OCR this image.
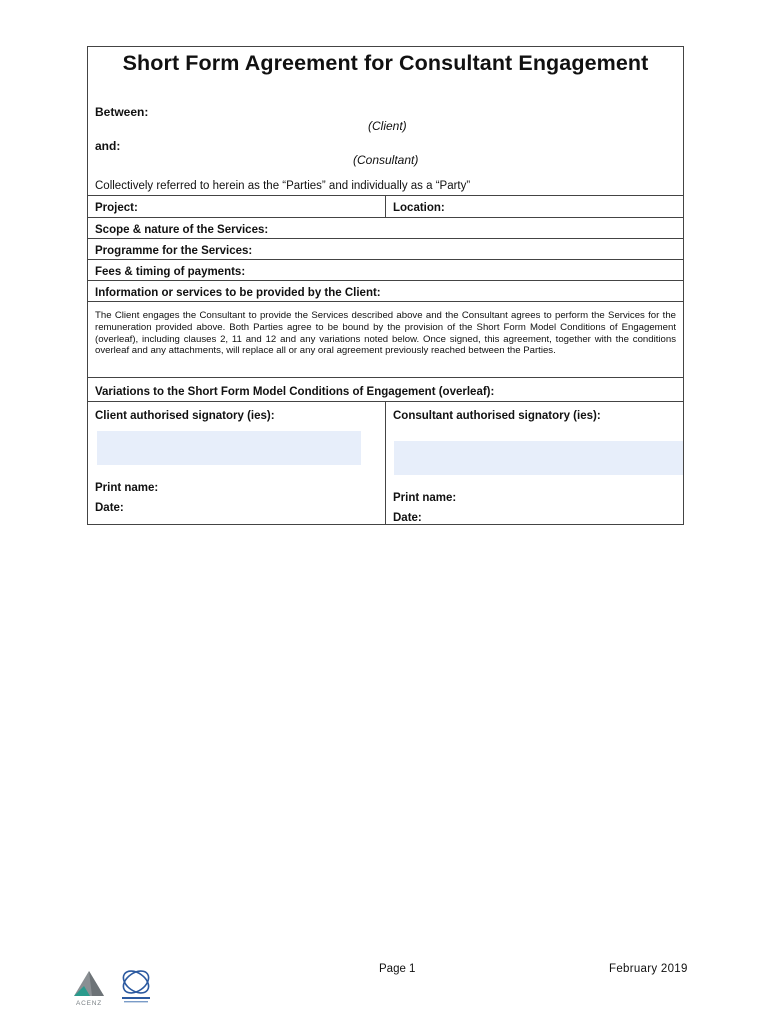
Short Form Agreement for Consultant Engagement
Between:
(Client)
and:
(Consultant)
Collectively referred to herein as the “Parties” and individually as a “Party”
Project:	Location:
Scope & nature of the Services:
Programme for the Services:
Fees & timing of payments:
Information or services to be provided by the Client:
The Client engages the Consultant to provide the Services described above and the Consultant agrees to perform the Services for the remuneration provided above. Both Parties agree to be bound by the provision of the Short Form Model Conditions of Engagement (overleaf), including clauses 2, 11 and 12 and any variations noted below. Once signed, this agreement, together with the conditions overleaf and any attachments, will replace all or any oral agreement previously reached between the Parties.
Variations to the Short Form Model Conditions of Engagement (overleaf):
Client authorised signatory (ies):
Print name:
Date:
Consultant authorised signatory (ies):
Print name:
Date:
Page 1	February 2019
ACENZ
